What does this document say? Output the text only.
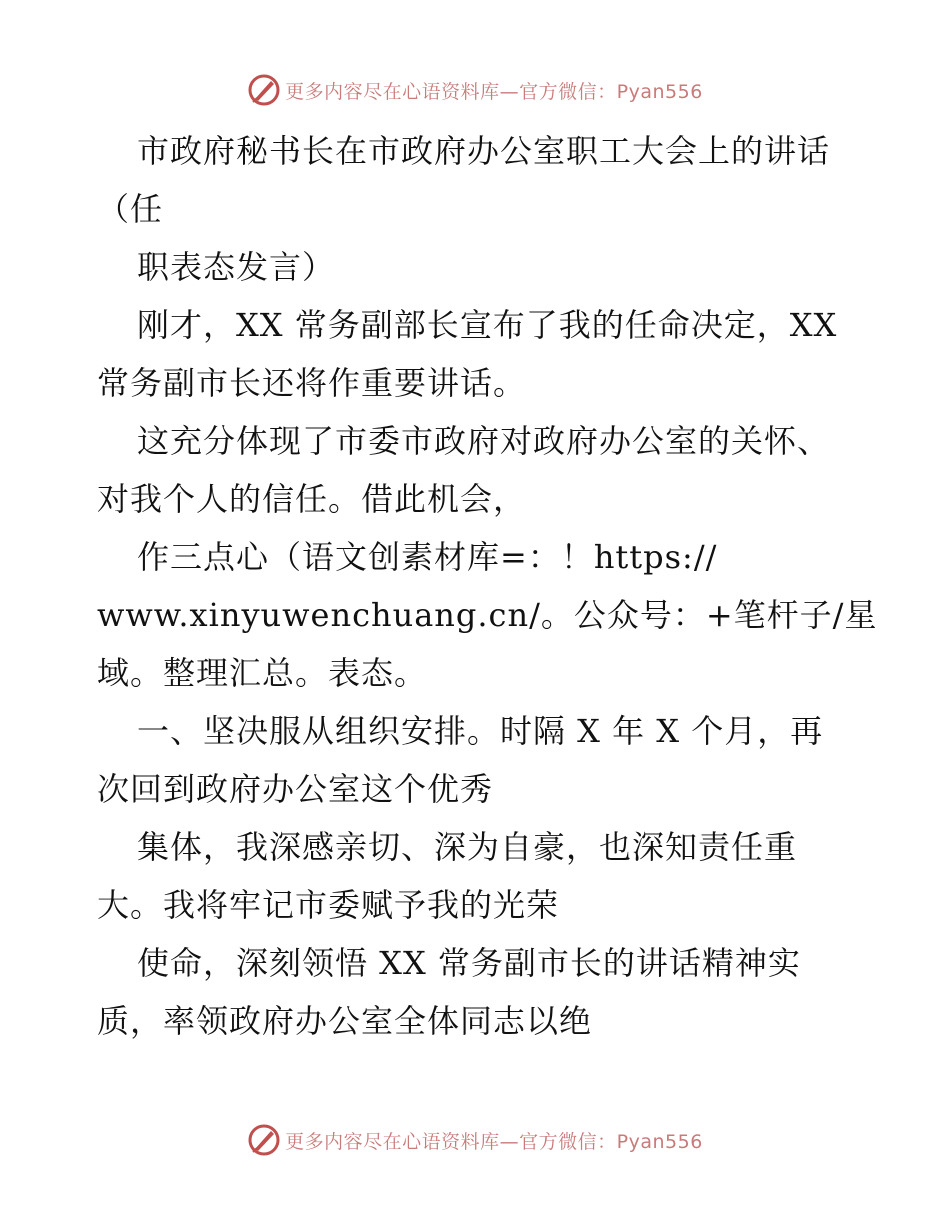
更多内容尽在心语资料库—官方微信：Pyan556
市政府秘书长在市政府办公室职工大会上的讲话
（任
职表态发言）
刚才，XX 常务副部长宣布了我的任命决定，XX
常务副市长还将作重要讲话。
这充分体现了市委市政府对政府办公室的关怀、
对我个人的信任。借此机会，
作三点心（语文创素材库=：！https://
www.xinyuwenchuang.cn/。公众号：+笔杆子/星
域。整理汇总。表态。
一、坚决服从组织安排。时隔 X 年 X 个月，再
次回到政府办公室这个优秀
集体，我深感亲切、深为自豪，也深知责任重
大。我将牢记市委赋予我的光荣
使命，深刻领悟 XX 常务副市长的讲话精神实
质，率领政府办公室全体同志以绝
更多内容尽在心语资料库—官方微信：Pyan556
